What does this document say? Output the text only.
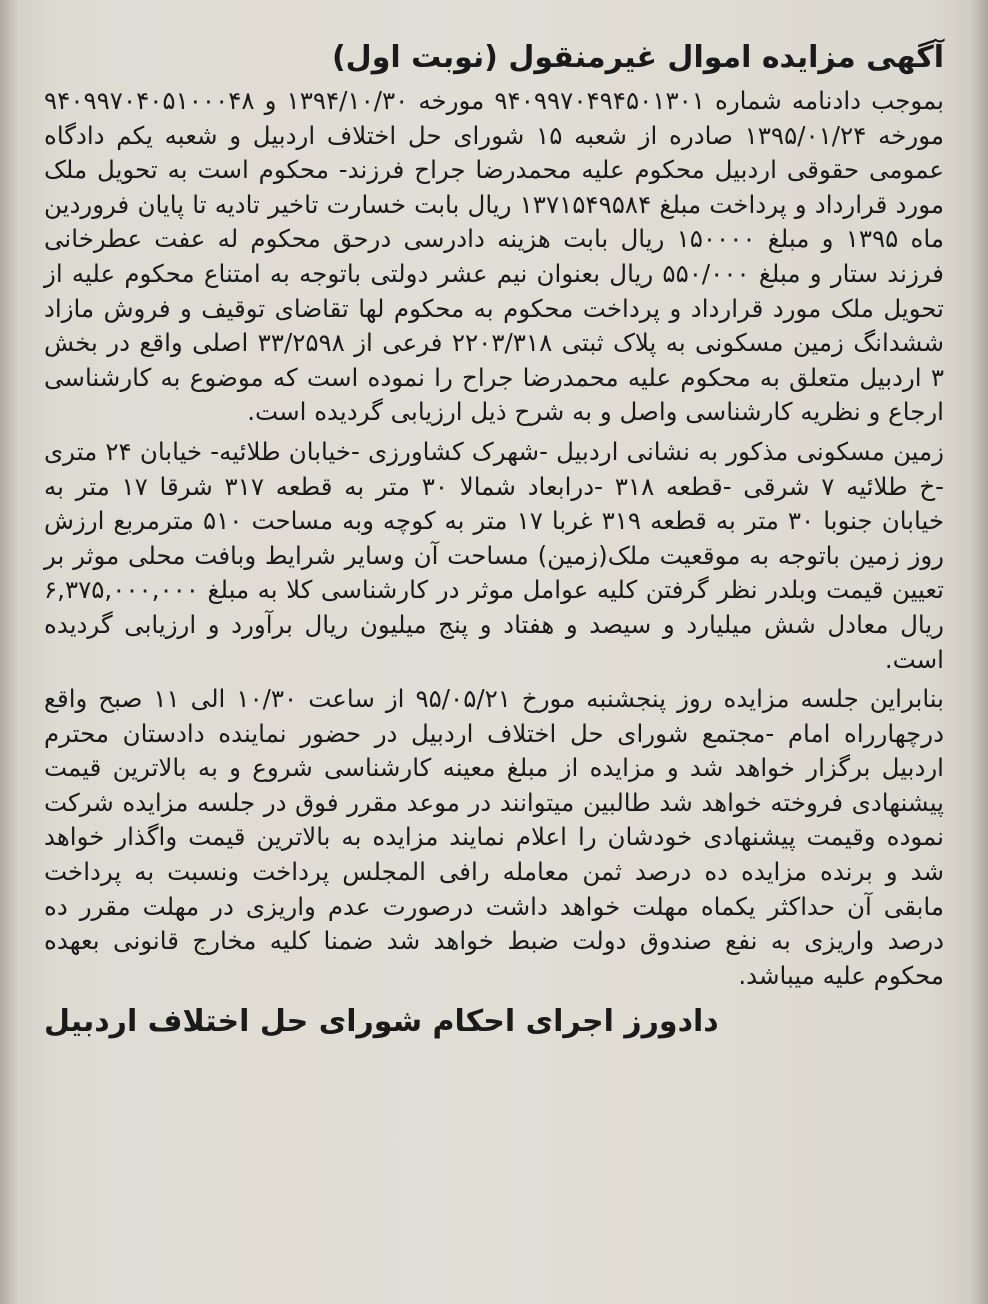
آگهی مزایده اموال غیرمنقول (نوبت اول)

بموجب دادنامه شماره ۹۴۰۹۹۷۰۴۹۴۵۰۱۳۰۱ مورخه ۱۳۹۴/۱۰/۳۰ و ۹۴۰۹۹۷۰۴۰۵۱۰۰۰۴۸ مورخه ۱۳۹۵/۰۱/۲۴ صادره از شعبه ۱۵ شورای حل اختلاف اردبیل و شعبه یکم دادگاه عمومی حقوقی اردبیل محکوم علیه محمدرضا جراح فرزند- محکوم است به تحویل ملک مورد قرارداد و پرداخت مبلغ ۱۳۷۱۵۴۹۵۸۴ ریال بابت خسارت تاخیر تادیه تا پایان فروردین ماه ۱۳۹۵ و مبلغ ۱۵۰۰۰۰ ریال بابت هزینه دادرسی درحق محکوم له عفت عطرخانی فرزند ستار و مبلغ ۵۵۰/۰۰۰ ریال بعنوان نیم عشر دولتی باتوجه به امتناع محکوم علیه از تحویل ملک مورد قرارداد و پرداخت محکوم به محکوم لها تقاضای توقیف و فروش مازاد ششدانگ زمین مسکونی به پلاک ثبتی ۲۲۰۳/۳۱۸ فرعی از ۳۳/۲۵۹۸ اصلی واقع در بخش ۳ اردبیل متعلق به محکوم علیه محمدرضا جراح را نموده است که موضوع به کارشناسی ارجاع و نظریه کارشناسی واصل و به شرح ذیل ارزیابی گردیده است.

زمین مسکونی مذکور به نشانی اردبیل -شهرک کشاورزی -خیابان طلائیه- خیابان ۲۴ متری -خ طلائیه ۷ شرقی -قطعه ۳۱۸ -درابعاد شمالا ۳۰ متر به قطعه ۳۱۷ شرقا ۱۷ متر به خیابان جنوبا ۳۰ متر به قطعه ۳۱۹ غربا ۱۷ متر به کوچه وبه مساحت ۵۱۰ مترمربع ارزش روز زمین باتوجه به موقعیت ملک(زمین) مساحت آن وسایر شرایط وبافت محلی موثر بر تعیین قیمت وبلدر نظر گرفتن کلیه عوامل موثر در کارشناسی کلا به مبلغ ۶,۳۷۵,۰۰۰,۰۰۰ ریال معادل شش میلیارد و سیصد و هفتاد و پنج میلیون ریال برآورد و ارزیابی گردیده است.

بنابراین جلسه مزایده روز پنجشنبه مورخ ۹۵/۰۵/۲۱ از ساعت ۱۰/۳۰ الی ۱۱ صبح واقع درچهارراه امام -مجتمع شورای حل اختلاف اردبیل در حضور نماینده دادستان محترم اردبیل برگزار خواهد شد و مزایده از مبلغ معینه کارشناسی شروع و به بالاترین قیمت پیشنهادی فروخته خواهد شد طالبین میتوانند در موعد مقرر فوق در جلسه مزایده شرکت نموده وقیمت پیشنهادی خودشان را اعلام نمایند مزایده به بالاترین قیمت واگذار خواهد شد و برنده مزایده ده درصد ثمن معامله رافی المجلس پرداخت ونسبت به پرداخت مابقی آن حداکثر یکماه مهلت خواهد داشت درصورت عدم واریزی در مهلت مقرر ده درصد واریزی به نفع صندوق دولت ضبط خواهد شد ضمنا کلیه مخارج قانونی بعهده محکوم علیه میباشد.

دادورز اجرای احکام شورای حل اختلاف اردبیل
